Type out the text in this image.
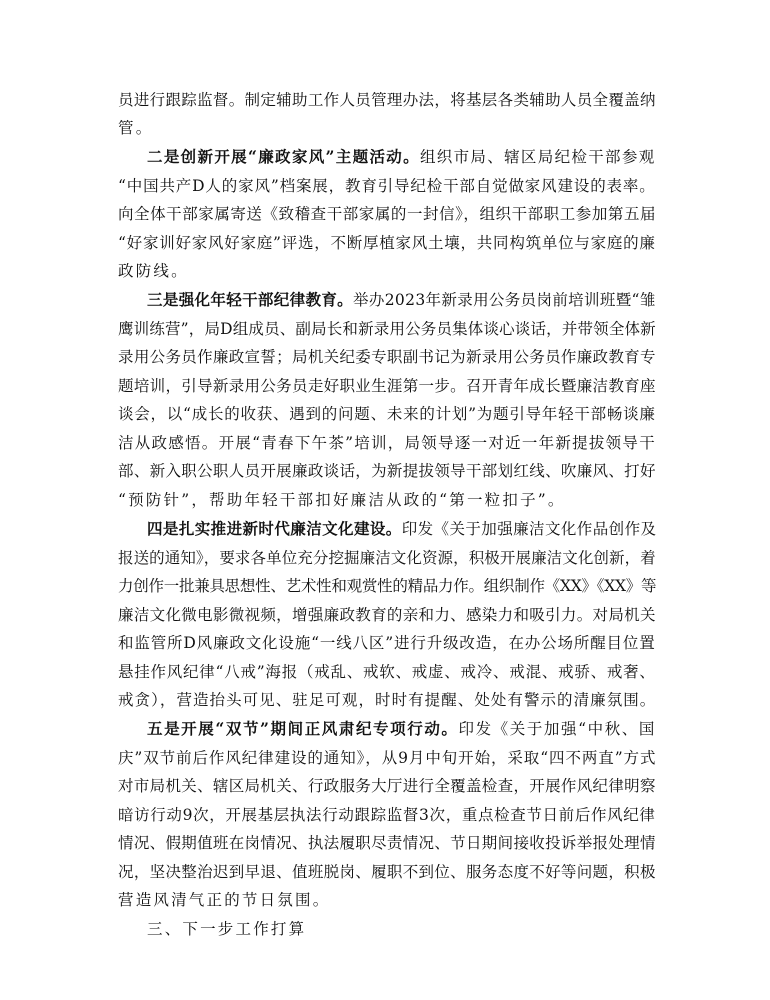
员进行跟踪监督。制定辅助工作人员管理办法，将基层各类辅助人员全覆盖纳
管。
二是创新开展“廉政家风”主题活动。组织市局、辖区局纪检干部参观
“中国共产D人的家风”档案展，教育引导纪检干部自觉做家风建设的表率。
向全体干部家属寄送《致稽查干部家属的一封信》，组织干部职工参加第五届
“好家训好家风好家庭”评选，不断厚植家风土壤，共同构筑单位与家庭的廉
政防线。
三是强化年轻干部纪律教育。举办2023年新录用公务员岗前培训班暨“雏
鹰训练营”，局D组成员、副局长和新录用公务员集体谈心谈话，并带领全体新
录用公务员作廉政宣誓；局机关纪委专职副书记为新录用公务员作廉政教育专
题培训，引导新录用公务员走好职业生涯第一步。召开青年成长暨廉洁教育座
谈会，以“成长的收获、遇到的问题、未来的计划”为题引导年轻干部畅谈廉
洁从政感悟。开展“青春下午茶”培训，局领导逐一对近一年新提拔领导干
部、新入职公职人员开展廉政谈话，为新提拔领导干部划红线、吹廉风、打好
“预防针”，帮助年轻干部扣好廉洁从政的“第一粒扣子”。
四是扎实推进新时代廉洁文化建设。印发《关于加强廉洁文化作品创作及
报送的通知》，要求各单位充分挖掘廉洁文化资源，积极开展廉洁文化创新，着
力创作一批兼具思想性、艺术性和观赏性的精品力作。组织制作《XX》《XX》等
廉洁文化微电影微视频，增强廉政教育的亲和力、感染力和吸引力。对局机关
和监管所D风廉政文化设施“一线八区”进行升级改造，在办公场所醒目位置
悬挂作风纪律“八戒”海报（戒乱、戒软、戒虚、戒冷、戒混、戒骄、戒奢、
戒贪），营造抬头可见、驻足可观，时时有提醒、处处有警示的清廉氛围。
五是开展“双节”期间正风肃纪专项行动。印发《关于加强“中秋、国
庆”双节前后作风纪律建设的通知》，从9月中旬开始，采取“四不两直”方式
对市局机关、辖区局机关、行政服务大厅进行全覆盖检查，开展作风纪律明察
暗访行动9次，开展基层执法行动跟踪监督3次，重点检查节日前后作风纪律
情况、假期值班在岗情况、执法履职尽责情况、节日期间接收投诉举报处理情
况，坚决整治迟到早退、值班脱岗、履职不到位、服务态度不好等问题，积极
营造风清气正的节日氛围。
三、下一步工作打算
